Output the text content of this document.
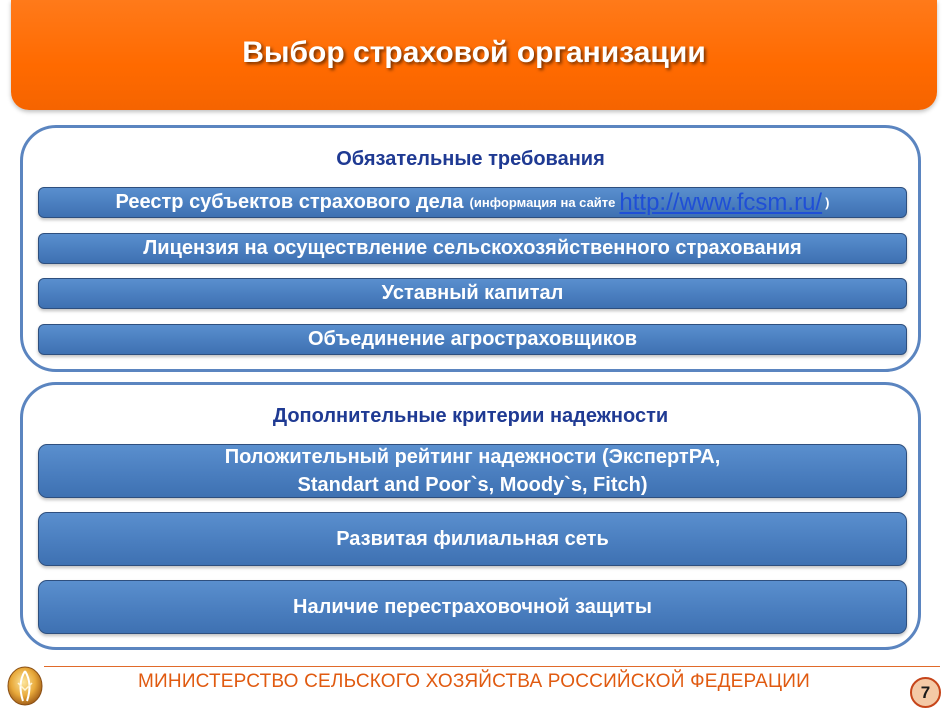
Выбор страховой организации
Обязательные требования
Реестр субъектов страхового дела (информация на сайте http://www.fcsm.ru/ )
Лицензия на осуществление сельскохозяйственного страхования
Уставный капитал
Объединение агростраховщиков
Дополнительные критерии надежности
Положительный рейтинг надежности (ЭкспертРА,
Standart and Poor`s, Moody`s, Fitch)
Развитая филиальная сеть
Наличие перестраховочной защиты
МИНИСТЕРСТВО СЕЛЬСКОГО ХОЗЯЙСТВА РОССИЙСКОЙ ФЕДЕРАЦИИ	7
